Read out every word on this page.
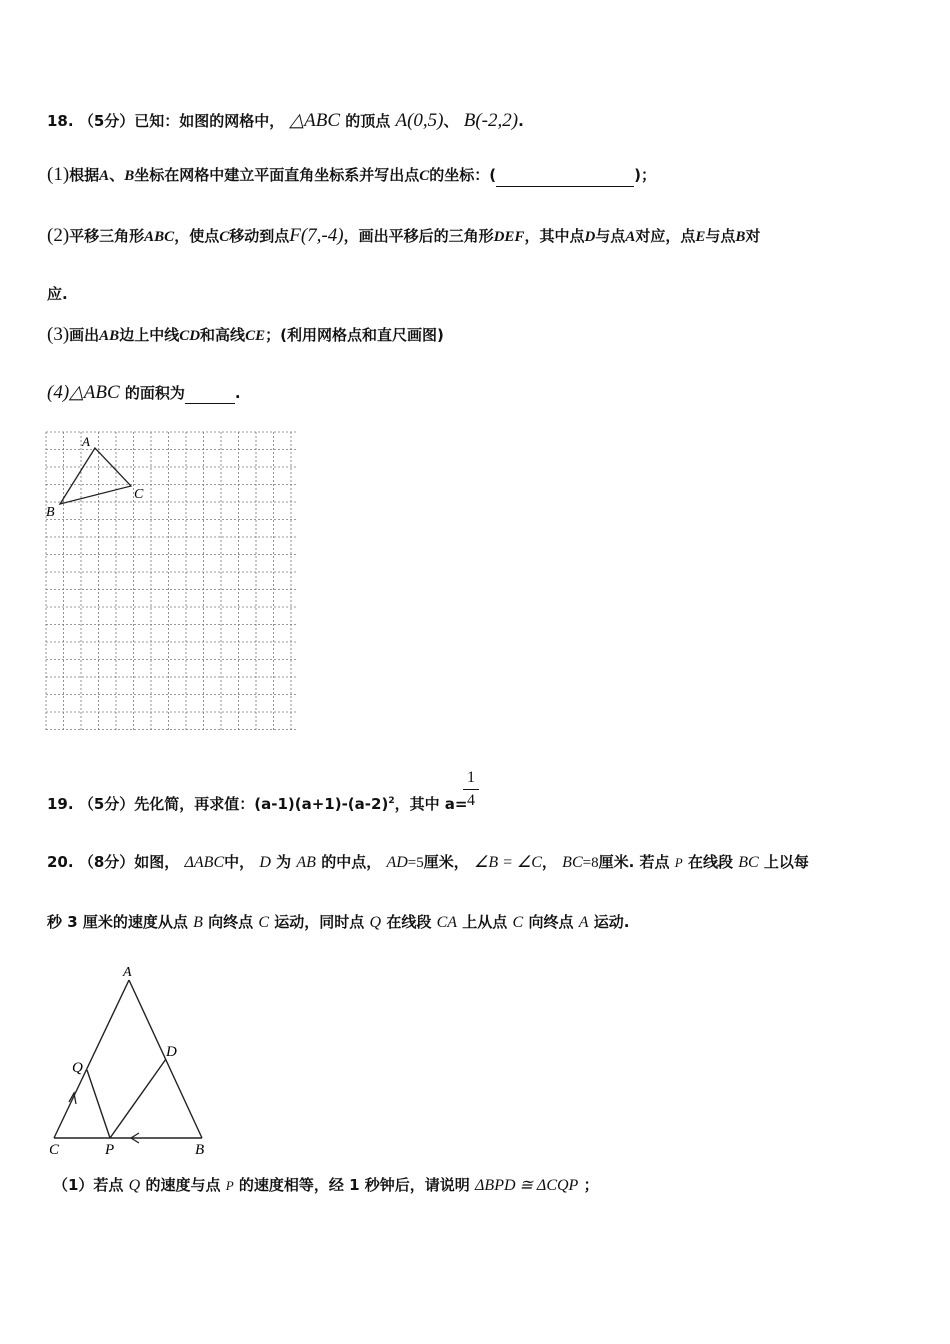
18. （5分）已知：如图的网格中， △ABC 的顶点 A(0,5)、 B(-2,2).
(1)根据A、B坐标在网格中建立平面直角坐标系并写出点C的坐标：(	)；
(2)平移三角形ABC，使点C移动到点F(7,-4)，画出平移后的三角形DEF，其中点D与点A对应，点E与点B对
应.
(3)画出AB边上中线CD和高线CE；(利用网格点和直尺画图)
(4)△ABC 的面积为	.
A
B
C
19. （5分）先化简，再求值：$(a-1)(a+1)-(a-2)^2$，其中 a=
1
4
20. （8分）如图， ΔABC中， D 为 AB 的中点， AD=5厘米， ∠B = ∠C， BC=8厘米. 若点 P 在线段 BC 上以每
秒 3 厘米的速度从点 B 向终点 C 运动，同时点 Q 在线段 CA 上从点 C 向终点 A 运动.
A
B
C
D
P
Q
（1）若点 Q 的速度与点 P 的速度相等，经 1 秒钟后，请说明 ΔBPD ≅ ΔCQP ；
